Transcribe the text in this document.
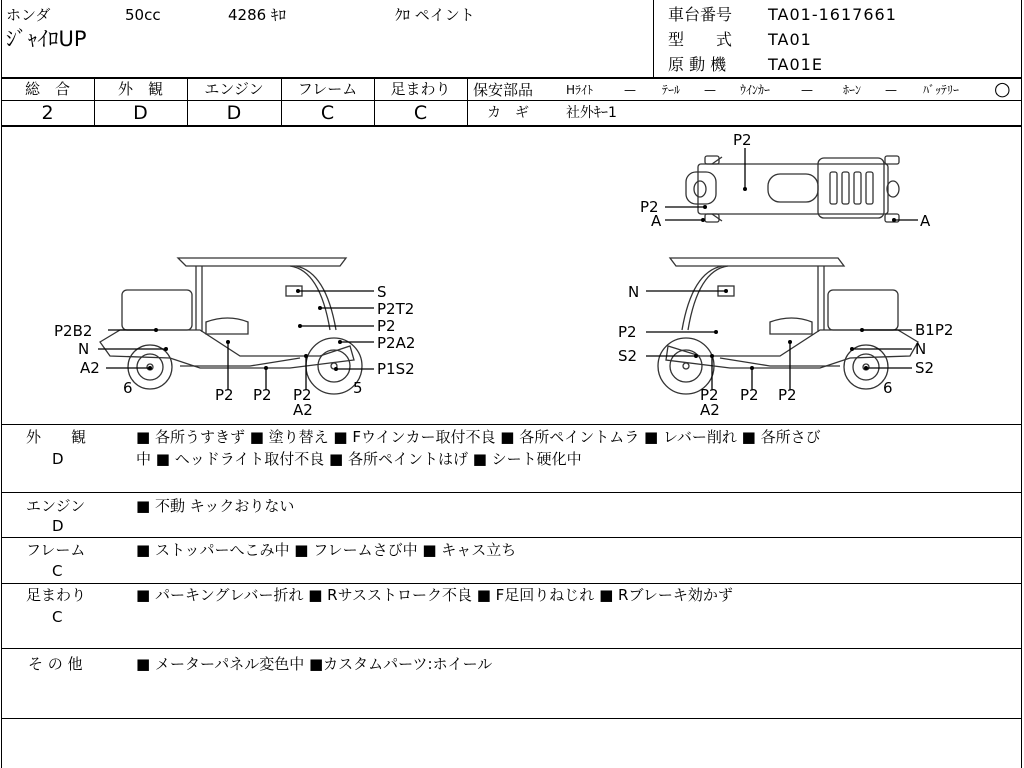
ホンダ	50cc	4286 ｷﾛ	ｸﾛ ペイント
ｼﾞｬｲﾛUP
車台番号 TA01-1617661
型　　式 TA01
原 動 機	TA01E
総　合	外　観	エンジン	フレーム	足まわり
2	D	D	C	C
保安部品	Hﾗｲﾄ	— ﾃｰﾙ — ｳｲﾝｶｰ	—	ﾎｰﾝ — ﾊﾞｯﾃﾘｰ ○
カ　ギ	社外ｷｰ1
P2
P2
A	A
S
P2T2
P2
P2A2
P1S2
P2B2
N
A2
6	5
P2 P2 P2
A2
N
P2
S2
B1P2
N
S2
6
P2 P2 P2
A2
外　　観
D
■ 各所うすきず ■ 塗り替え ■ Fウインカー取付不良 ■ 各所ペイントムラ ■ レバー削れ ■ 各所さび
中 ■ ヘッドライト取付不良 ■ 各所ペイントはげ ■ シート硬化中
エンジン
D
■ 不動 キックおりない
フレーム
C
■ ストッパーへこみ中 ■ フレームさび中 ■ キャス立ち
足まわり
C
■ パーキングレバー折れ ■ Rサスストローク不良 ■ F足回りねじれ ■ Rブレーキ効かず
そ の 他	■ メーターパネル変色中 ■カスタムパーツ:ホイール
